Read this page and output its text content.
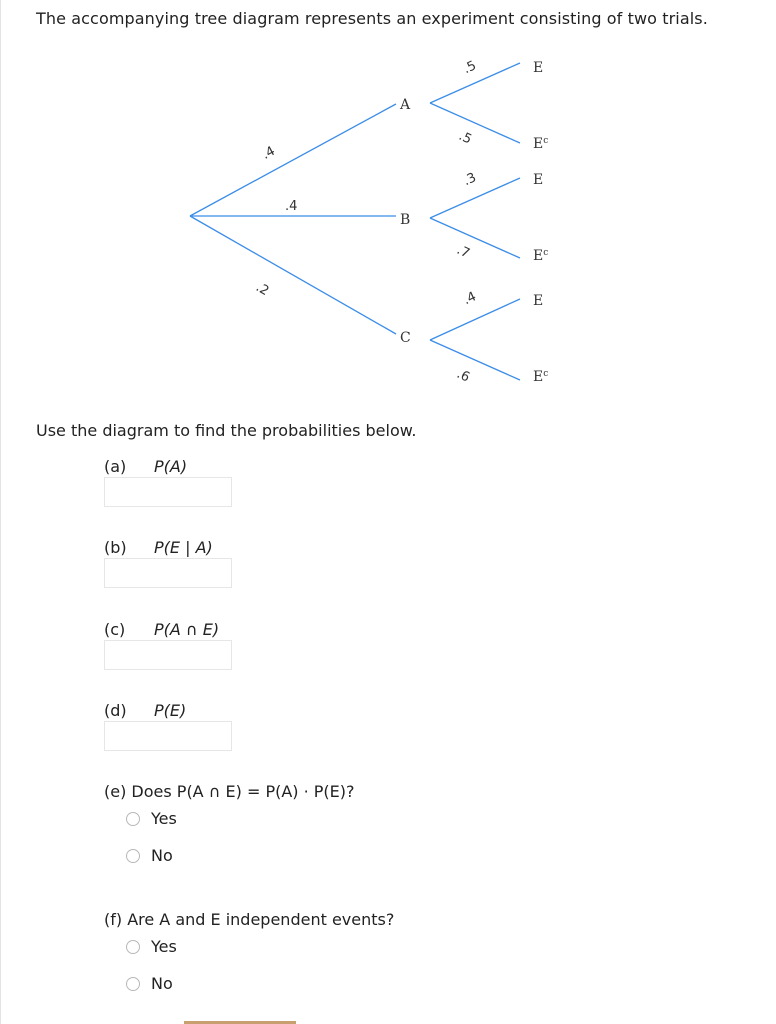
The accompanying tree diagram represents an experiment consisting of two trials.
A
B
C
.4
.4
.2
.5
.5
.3
.7
.4
.6
E
$E^c$
E
$E^c$
E
$E^c$
Use the diagram to find the probabilities below.
(a) P(A)
(b) P(E | A)
(c) P(A ∩ E)
(d) P(E)
(e) Does P(A ∩ E) = P(A) · P(E)?
Yes
No
(f) Are A and E independent events?
Yes
No
